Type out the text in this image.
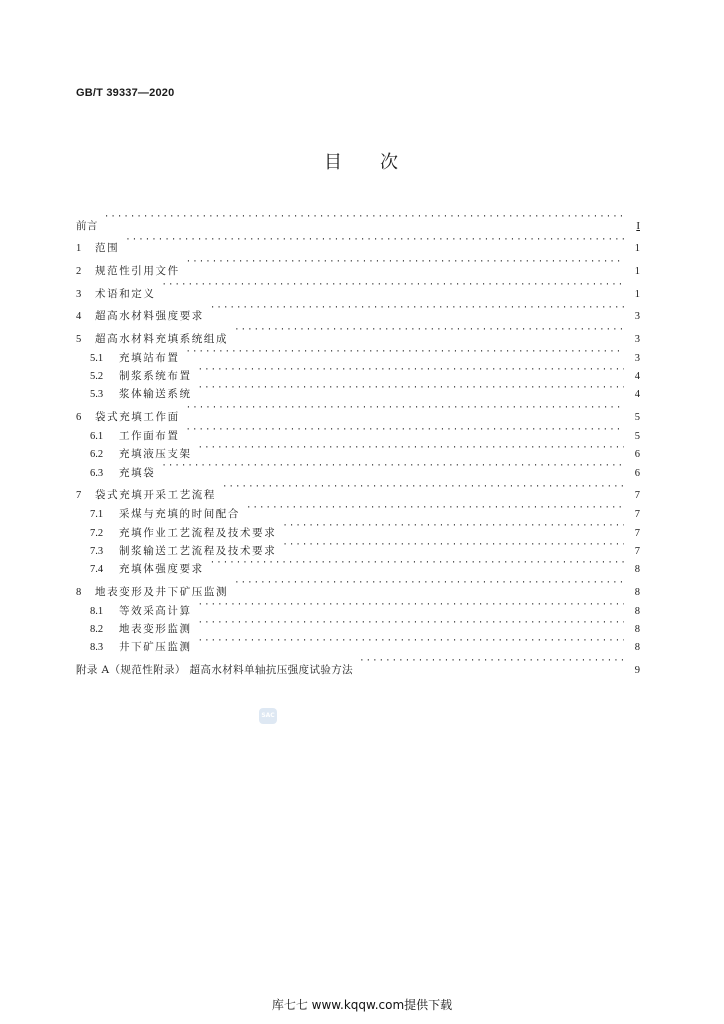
GB/T 39337—2020
目 次
前言 ·····	I
1	范围 ·····	1
2	规范性引用文件 ·····	1
3	术语和定义 ·····	1
4	超高水材料强度要求 ·····	3
5	超高水材料充填系统组成 ·····	3
5.1	充填站布置 ·····	3
5.2	制浆系统布置 ·····	4
5.3	浆体输送系统 ·····	4
6	袋式充填工作面 ·····	5
6.1	工作面布置 ·····	5
6.2	充填液压支架 ·····	6
6.3	充填袋 ·····	6
7	袋式充填开采工艺流程 ·····	7
7.1	采煤与充填的时间配合 ·····	7
7.2	充填作业工艺流程及技术要求 ·····	7
7.3	制浆输送工艺流程及技术要求 ·····	7
7.4	充填体强度要求 ·····	8
8	地表变形及井下矿压监测 ·····	8
8.1	等效采高计算 ·····	8
8.2	地表变形监测 ·····	8
8.3	井下矿压监测 ·····	8
附录 A（规范性附录） 超高水材料单轴抗压强度试验方法 ·····	9
SAC
库七七 www.kqqw.com提供下载
